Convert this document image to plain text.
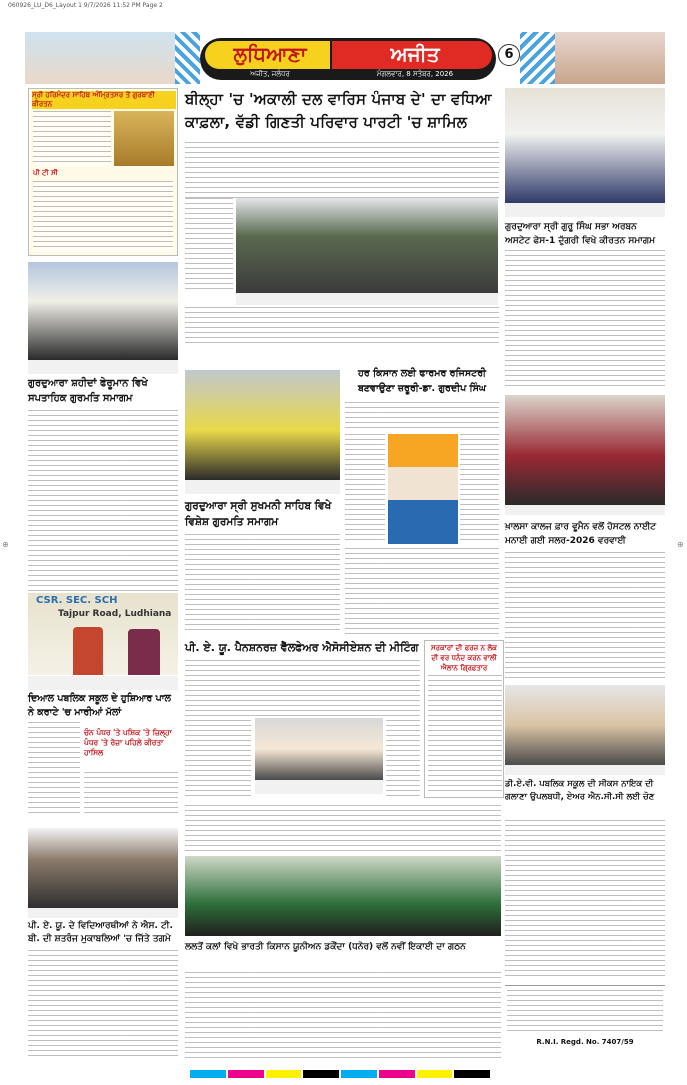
060926_LU_D6_Layout 1 9/7/2026 11:52 PM Page 2
ਲੁਧਿਆਣਾ	ਅਜੀਤ
ਅਜੀਤ, ਜਲੰਧਰ	ਮੰਗਲਵਾਰ, 8 ਸਤੰਬਰ, 2026
6
⊕	⊕
ਸ੍ਰੀ ਹਰਿਮੰਦਰ ਸਾਹਿਬ ਅੰਮ੍ਰਿਤਸਰ ਤੋਂ ਗੁਰਬਾਣੀ ਕੀਰਤਨ
ਪੀ ਟੀ ਸੀ
ਗੁਰਦੁਆਰਾ ਸ਼ਹੀਦਾਂ ਫੇਰੂਮਾਨ ਵਿਖੇ ਸਪਤਾਹਿਕ ਗੁਰਮਤਿ ਸਮਾਗਮ
CSR. SEC. SCH
Tajpur Road, Ludhiana
ਦਿਆਲ ਪਬਲਿਕ ਸਕੂਲ ਦੇ ਹੁਸ਼ਿਆਰ ਪਾਲ ਨੇ ਕਰਾਟੇ 'ਚ ਮਾਰੀਆਂ ਮੱਲਾਂ
ਚੰਨ ਪੰਧਰ 'ਤੇ ਪਸ਼ਿਕ 'ਤੇ ਜ਼ਿਲ੍ਹਾ ਪੰਧਰ 'ਤੇ ਰੋਜ਼ਾ ਪਹਿਲੇ ਕੀਰਤਾ ਹਾਸਿਲ
ਪੀ. ਏ. ਯੂ. ਦੇ ਵਿਦਿਆਰਥੀਆਂ ਨੇ ਐਸ. ਟੀ. ਬੀ. ਦੀ ਸ਼ਤਰੰਜ ਮੁਕਾਬਲਿਆਂ 'ਚ ਜਿੱਤੇ ਤਗਮੇ
ਬੀਲ੍ਹਾ 'ਚ 'ਅਕਾਲੀ ਦਲ ਵਾਰਿਸ ਪੰਜਾਬ ਦੇ' ਦਾ ਵਧਿਆ ਕਾਫ਼ਲਾ, ਵੱਡੀ ਗਿਣਤੀ ਪਰਿਵਾਰ ਪਾਰਟੀ 'ਚ ਸ਼ਾਮਿਲ
ਗੁਰਦੁਆਰਾ ਸ੍ਰੀ ਸੁਖਮਨੀ ਸਾਹਿਬ ਵਿਖੇ ਵਿਸ਼ੇਸ਼ ਗੁਰਮਤਿ ਸਮਾਗਮ
ਹਰ ਕਿਸਾਨ ਲਈ ਫਾਰਮਰ ਰਜਿਸਟਰੀ ਬਣਵਾਉਣਾ ਜ਼ਰੂਰੀ-ਡਾ. ਗੁਰਦੀਪ ਸਿੰਘ
ਪੀ. ਏ. ਯੂ. ਪੈਨਸ਼ਨਰਜ਼ ਵੈੱਲਫੇਅਰ ਐਸੋਸੀਏਸ਼ਨ ਦੀ ਮੀਟਿੰਗ	ਸਰਕਾਰਾਂ ਦੀ ਫਰਜ਼ ਨ ਲੋਕ ਦੀ ਵਰ ਧਨੰਦ ਕਰਨ ਵਾਲੀ ਐਲਾਨ ਗ੍ਰਿਫ਼ਤਾਰ
ਗੁਰਦੁਆਰਾ ਸ੍ਰੀ ਗੁਰੂ ਸਿੰਘ ਸਭਾ ਅਰਬਨ ਅਸਟੇਟ ਫੇਸ-1 ਦੁੱਗਰੀ ਵਿਖੇ ਕੀਰਤਨ ਸਮਾਗਮ
ਖ਼ਾਲਸਾ ਕਾਲਜ ਫ਼ਾਰ ਵੂਮੈਨ ਵਲੋਂ ਹੋਸਟਲ ਨਾਈਟ ਮਨਾਈ ਗਈ ਸਲਰ-2026 ਵਰਵਾਈ
ਡੀ.ਏ.ਵੀ. ਪਬਲਿਕ ਸਕੂਲ ਦੀ ਸੀਕਸ ਨਾਇਕ ਦੀ ਗਲਾਣਾ ਉਪਲਬਧੀ, ਏਅਰ ਐਨ.ਸੀ.ਸੀ ਲਈ ਚੋਣ
ਲਲਤੋਂ ਕਲਾਂ ਵਿਖੇ ਭਾਰਤੀ ਕਿਸਾਨ ਯੂਨੀਅਨ ਡਕੌਂਦਾ (ਧਨੇਰ) ਵਲੋਂ ਨਵੀਂ ਇਕਾਈ ਦਾ ਗਠਨ
R.N.I. Regd. No. 7407/59
